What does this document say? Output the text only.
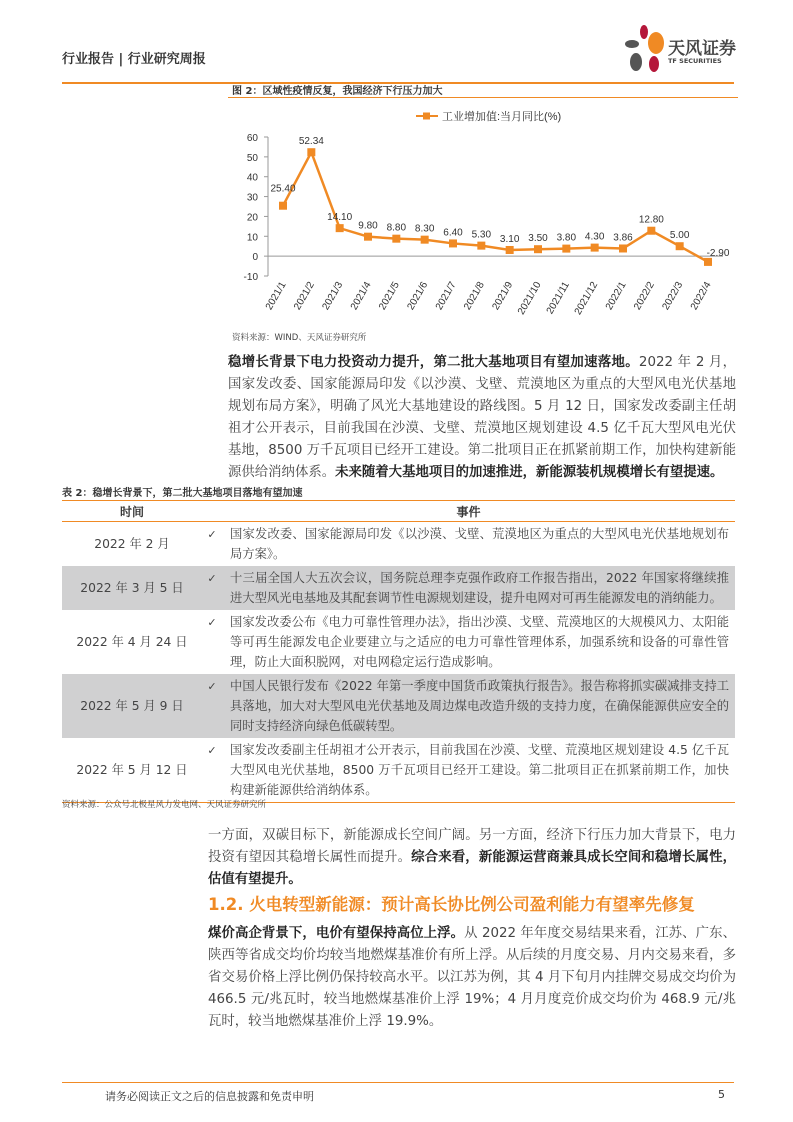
行业报告 | 行业研究周报
天风证券
TF SECURITIES
图 2：区域性疫情反复，我国经济下行压力加大
工业增加值:当月同比(%)
60
50
40
30
20
10
0
-10
2021/1 2021/2 2021/3 2021/4 2021/5 2021/6 2021/7 2021/8 2021/9 2021/10 2021/11 2021/12 2022/1 2022/2 2022/3 2022/4
25.40
52.34
14.10
9.80 8.80 8.30 6.40 5.30 3.10 3.50 3.80 4.30 3.86
12.80
5.00
-2.90
资料来源：WIND、天风证券研究所
稳增长背景下电力投资动力提升，第二批大基地项目有望加速落地。2022 年 2 月，国家发改委、国家能源局印发《以沙漠、戈壁、荒漠地区为重点的大型风电光伏基地规划布局方案》，明确了风光大基地建设的路线图。5 月 12 日，国家发改委副主任胡祖才公开表示，目前我国在沙漠、戈壁、荒漠地区规划建设 4.5 亿千瓦大型风电光伏基地，8500 万千瓦项目已经开工建设。第二批项目正在抓紧前期工作，加快构建新能源供给消纳体系。未来随着大基地项目的加速推进，新能源装机规模增长有望提速。
表 2：稳增长背景下，第二批大基地项目落地有望加速
时间	事件	
2022 年 2 月	✓	国家发改委、国家能源局印发《以沙漠、戈壁、荒漠地区为重点的大型风电光伏基地规划布局方案》。
2022 年 3 月 5 日	✓	十三届全国人大五次会议，国务院总理李克强作政府工作报告指出，2022 年国家将继续推进大型风光电基地及其配套调节性电源规划建设，提升电网对可再生能源发电的消纳能力。
2022 年 4 月 24 日	✓	国家发改委公布《电力可靠性管理办法》，指出沙漠、戈壁、荒漠地区的大规模风力、太阳能等可再生能源发电企业要建立与之适应的电力可靠性管理体系，加强系统和设备的可靠性管理，防止大面积脱网，对电网稳定运行造成影响。
2022 年 5 月 9 日	✓	中国人民银行发布《2022 年第一季度中国货币政策执行报告》。报告称将抓实碳减排支持工具落地，加大对大型风电光伏基地及周边煤电改造升级的支持力度，在确保能源供应安全的同时支持经济向绿色低碳转型。
2022 年 5 月 12 日	✓	国家发改委副主任胡祖才公开表示，目前我国在沙漠、戈壁、荒漠地区规划建设 4.5 亿千瓦大型风电光伏基地，8500 万千瓦项目已经开工建设。第二批项目正在抓紧前期工作，加快构建新能源供给消纳体系。
资料来源：公众号北极星风力发电网、天风证券研究所
一方面，双碳目标下，新能源成长空间广阔。另一方面，经济下行压力加大背景下，电力投资有望因其稳增长属性而提升。综合来看，新能源运营商兼具成长空间和稳增长属性，估值有望提升。
1.2. 火电转型新能源：预计高长协比例公司盈利能力有望率先修复
煤价高企背景下，电价有望保持高位上浮。从 2022 年年度交易结果来看，江苏、广东、陕西等省成交均价均较当地燃煤基准价有所上浮。从后续的月度交易、月内交易来看，多省交易价格上浮比例仍保持较高水平。以江苏为例，其 4 月下旬月内挂牌交易成交均价为 466.5 元/兆瓦时，较当地燃煤基准价上浮 19%；4 月月度竞价成交均价为 468.9 元/兆瓦时，较当地燃煤基准价上浮 19.9%。
请务必阅读正文之后的信息披露和免责申明	5
